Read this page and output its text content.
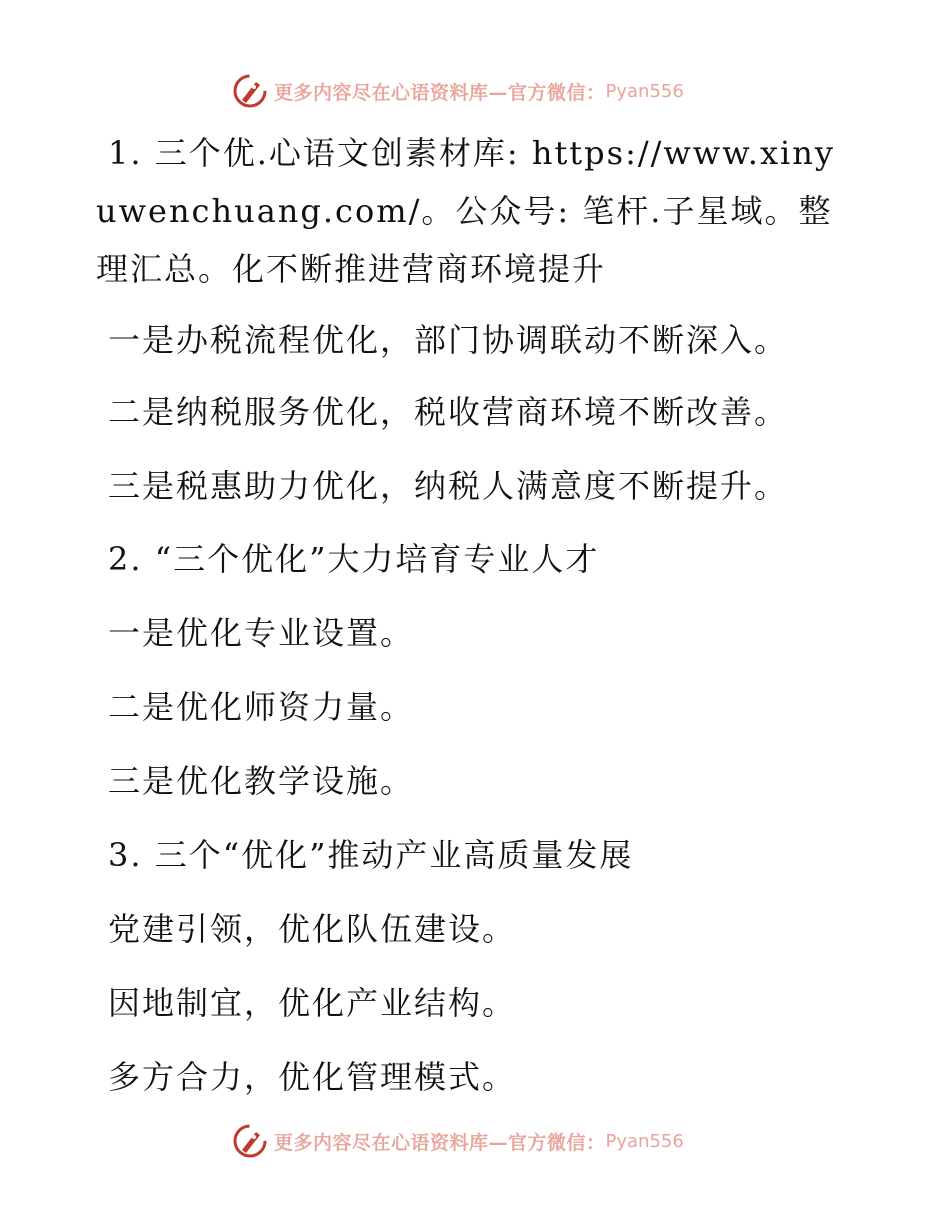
更多内容尽在心语资料库—官方微信： Pyan556
1. 三个优.心语文创素材库: https://www.xinyuwenchuang.com/。公众号: 笔杆.子星域。整理汇总。化不断推进营商环境提升
一是办税流程优化，部门协调联动不断深入。
二是纳税服务优化，税收营商环境不断改善。
三是税惠助力优化，纳税人满意度不断提升。
2. “三个优化”大力培育专业人才
一是优化专业设置。
二是优化师资力量。
三是优化教学设施。
3. 三个“优化”推动产业高质量发展
党建引领，优化队伍建设。
因地制宜，优化产业结构。
多方合力，优化管理模式。
更多内容尽在心语资料库—官方微信： Pyan556
